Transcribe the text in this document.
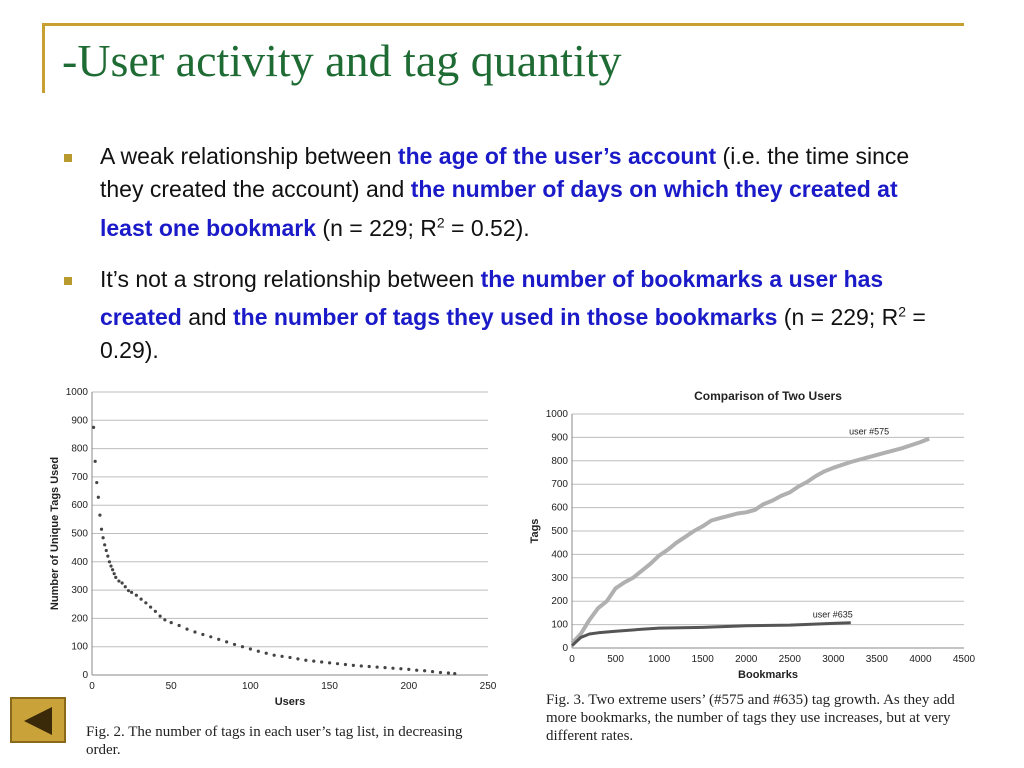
-User activity and tag quantity
A weak relationship between the age of the user’s account (i.e. the time since they created the account) and the number of days on which they created at least one bookmark (n = 229; $R^2 = 0.52$).
It’s not a strong relationship between the number of bookmarks a user has created and the number of tags they used in those bookmarks (n = 229; $R^2 = 0.29$).
0
100
200
300
400
500
600
700
800
900
1000
0	50	100	150	200	250
Users
Number of Unique Tags Used

Fig. 2. The number of tags in each user’s tag list, in decreasing order.

0
100
200
300
400
500
600
700
800
900
1000
0	500 1000 1500 2000 2500 3000 3500 4000 4500
Bookmarks
Tags
Comparison of Two Users
user #575
user #635

Fig. 3. Two extreme users’ (#575 and #635) tag growth. As they add more bookmarks, the number of tags they use increases, but at very different rates.
